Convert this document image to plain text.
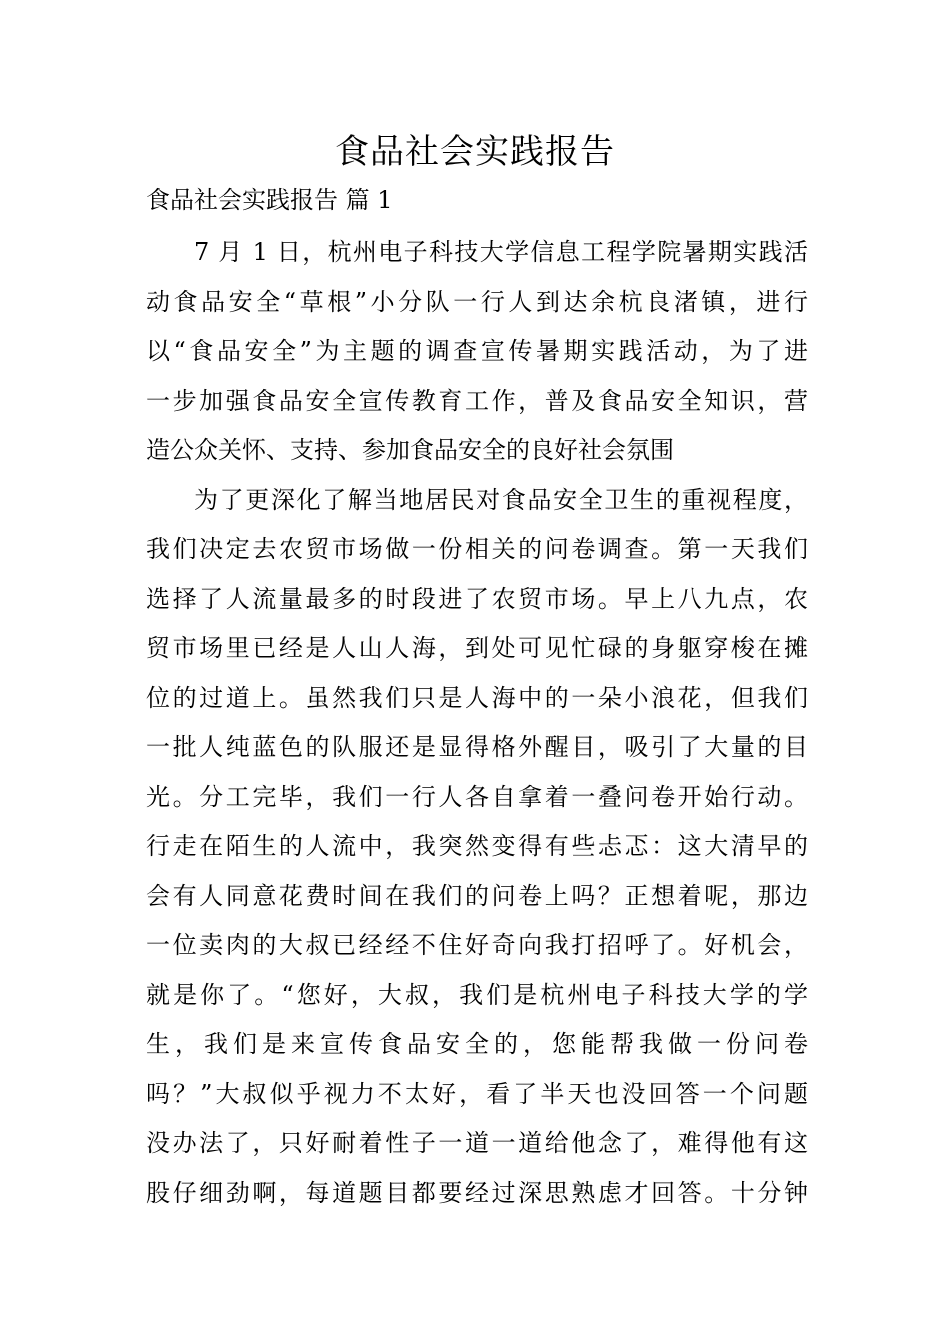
食品社会实践报告
食品社会实践报告 篇 1
7 月 1 日，杭州电子科技大学信息工程学院暑期实践活
动食品安全“草根”小分队一行人到达余杭良渚镇，进行
以“食品安全”为主题的调查宣传暑期实践活动，为了进
一步加强食品安全宣传教育工作，普及食品安全知识，营
造公众关怀、支持、参加食品安全的良好社会氛围
为了更深化了解当地居民对食品安全卫生的重视程度，
我们决定去农贸市场做一份相关的问卷调查。第一天我们
选择了人流量最多的时段进了农贸市场。早上八九点，农
贸市场里已经是人山人海，到处可见忙碌的身躯穿梭在摊
位的过道上。虽然我们只是人海中的一朵小浪花，但我们
一批人纯蓝色的队服还是显得格外醒目，吸引了大量的目
光。分工完毕，我们一行人各自拿着一叠问卷开始行动。
行走在陌生的人流中，我突然变得有些忐忑：这大清早的
会有人同意花费时间在我们的问卷上吗？正想着呢，那边
一位卖肉的大叔已经经不住好奇向我打招呼了。好机会，
就是你了。“您好，大叔，我们是杭州电子科技大学的学
生，我们是来宣传食品安全的，您能帮我做一份问卷
吗？”大叔似乎视力不太好，看了半天也没回答一个问题
没办法了，只好耐着性子一道一道给他念了，难得他有这
股仔细劲啊，每道题目都要经过深思熟虑才回答。十分钟
